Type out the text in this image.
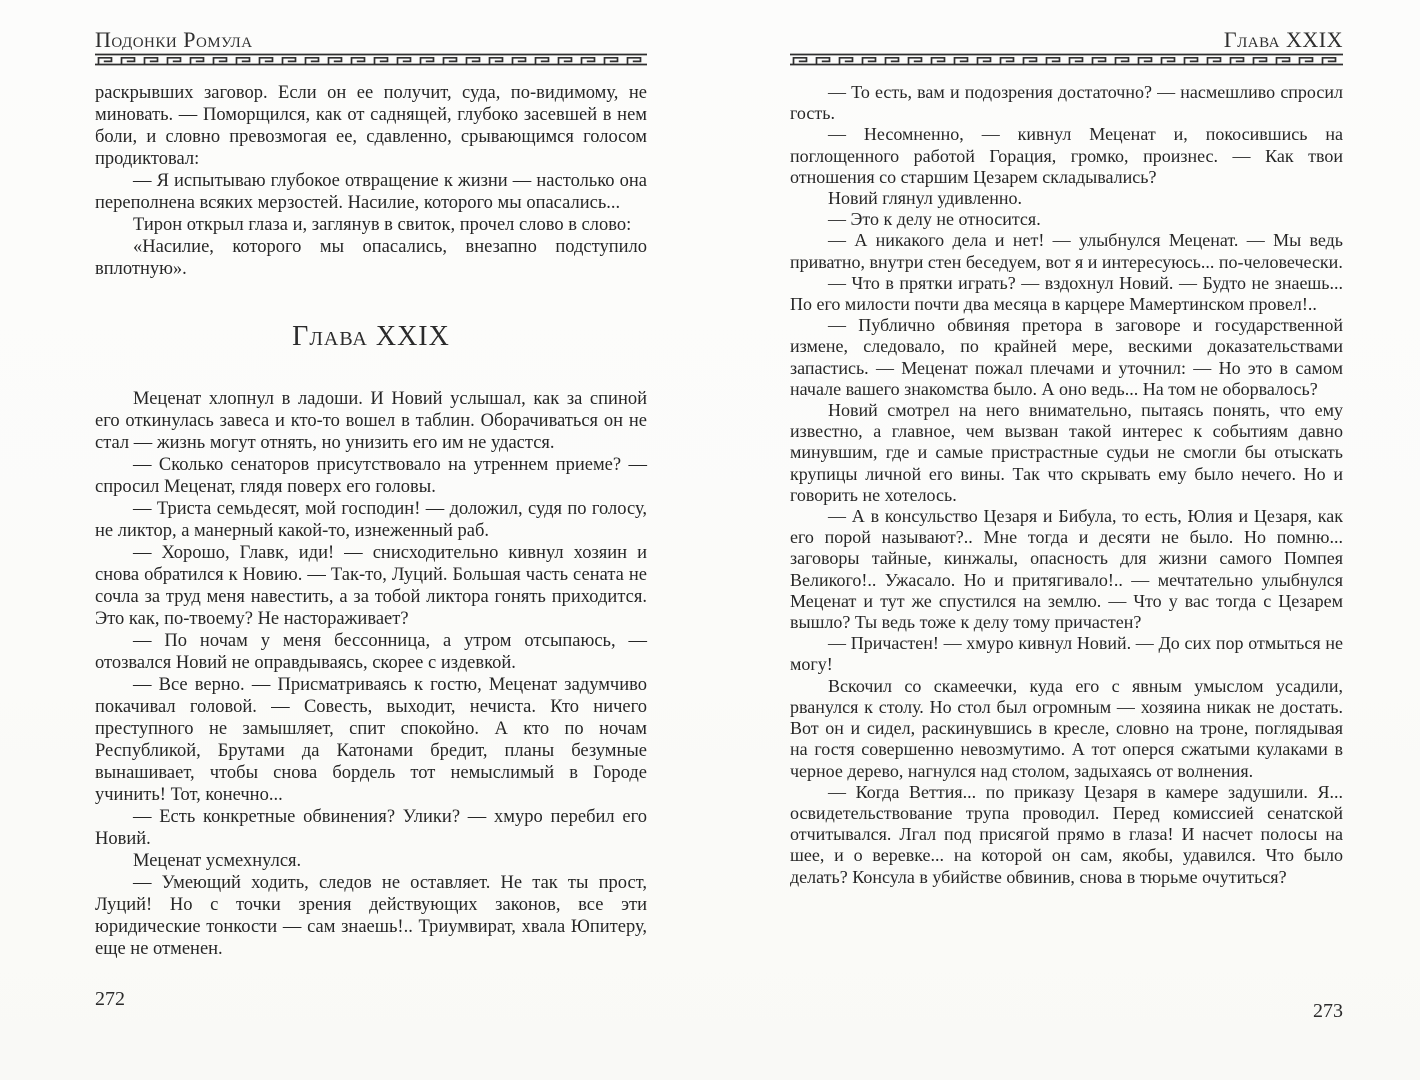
Подонки Ромула

раскрывших заговор. Если он ее получит, суда, по-видимому, не миновать. — Поморщился, как от саднящей, глубоко засевшей в нем боли, и словно превозмогая ее, сдавленно, срывающимся голосом продиктовал:

— Я испытываю глубокое отвращение к жизни — настолько она переполнена всяких мерзостей. Насилие, которого мы опасались...

Тирон открыл глаза и, заглянув в свиток, прочел слово в слово:

«Насилие, которого мы опасались, внезапно подступило вплотную».

Глава XXIX

Меценат хлопнул в ладоши. И Новий услышал, как за спиной его откинулась завеса и кто-то вошел в таблин. Оборачиваться он не стал — жизнь могут отнять, но унизить его им не удастся.

— Сколько сенаторов присутствовало на утреннем приеме? — спросил Меценат, глядя поверх его головы.

— Триста семьдесят, мой господин! — доложил, судя по голосу, не ликтор, а манерный какой-то, изнеженный раб.

— Хорошо, Главк, иди! — снисходительно кивнул хозяин и снова обратился к Новию. — Так-то, Луций. Большая часть сената не сочла за труд меня навестить, а за тобой ликтора гонять приходится. Это как, по-твоему? Не настораживает?

— По ночам у меня бессонница, а утром отсыпаюсь, — отозвался Новий не оправдываясь, скорее с издевкой.

— Все верно. — Присматриваясь к гостю, Меценат задумчиво покачивал головой. — Совесть, выходит, нечиста. Кто ничего преступного не замышляет, спит спокойно. А кто по ночам Республикой, Брутами да Катонами бредит, планы безумные вынашивает, чтобы снова бордель тот немыслимый в Городе учинить! Тот, конечно...

— Есть конкретные обвинения? Улики? — хмуро перебил его Новий.

Меценат усмехнулся.

— Умеющий ходить, следов не оставляет. Не так ты прост, Луций! Но с точки зрения действующих законов, все эти юридические тонкости — сам знаешь!.. Триумвират, хвала Юпитеру, еще не отменен.

272
Глава XXIX

— То есть, вам и подозрения достаточно? — насмешливо спросил гость.

— Несомненно, — кивнул Меценат и, покосившись на поглощенного работой Горация, громко, произнес. — Как твои отношения со старшим Цезарем складывались?

Новий глянул удивленно.

— Это к делу не относится.

— А никакого дела и нет! — улыбнулся Меценат. — Мы ведь приватно, внутри стен беседуем, вот я и интересуюсь... по-человечески.

— Что в прятки играть? — вздохнул Новий. — Будто не знаешь... По его милости почти два месяца в карцере Мамертинском провел!..

— Публично обвиняя претора в заговоре и государственной измене, следовало, по крайней мере, вескими доказательствами запастись. — Меценат пожал плечами и уточнил: — Но это в самом начале вашего знакомства было. А оно ведь... На том не оборвалось?

Новий смотрел на него внимательно, пытаясь понять, что ему известно, а главное, чем вызван такой интерес к событиям давно минувшим, где и самые пристрастные судьи не смогли бы отыскать крупицы личной его вины. Так что скрывать ему было нечего. Но и говорить не хотелось.

— А в консульство Цезаря и Бибула, то есть, Юлия и Цезаря, как его порой называют?.. Мне тогда и десяти не было. Но помню... заговоры тайные, кинжалы, опасность для жизни самого Помпея Великого!.. Ужасало. Но и притягивало!.. — мечтательно улыбнулся Меценат и тут же спустился на землю. — Что у вас тогда с Цезарем вышло? Ты ведь тоже к делу тому причастен?

— Причастен! — хмуро кивнул Новий. — До сих пор отмыться не могу!

Вскочил со скамеечки, куда его с явным умыслом усадили, рванулся к столу. Но стол был огромным — хозяина никак не достать. Вот он и сидел, раскинувшись в кресле, словно на троне, поглядывая на гостя совершенно невозмутимо. А тот оперся сжатыми кулаками в черное дерево, нагнулся над столом, задыхаясь от волнения.

— Когда Веттия... по приказу Цезаря в камере задушили. Я... освидетельствование трупа проводил. Перед комиссией сенатской отчитывался. Лгал под присягой прямо в глаза! И насчет полосы на шее, и о веревке... на которой он сам, якобы, удавился. Что было делать? Консула в убийстве обвинив, снова в тюрьме очутиться?

273
